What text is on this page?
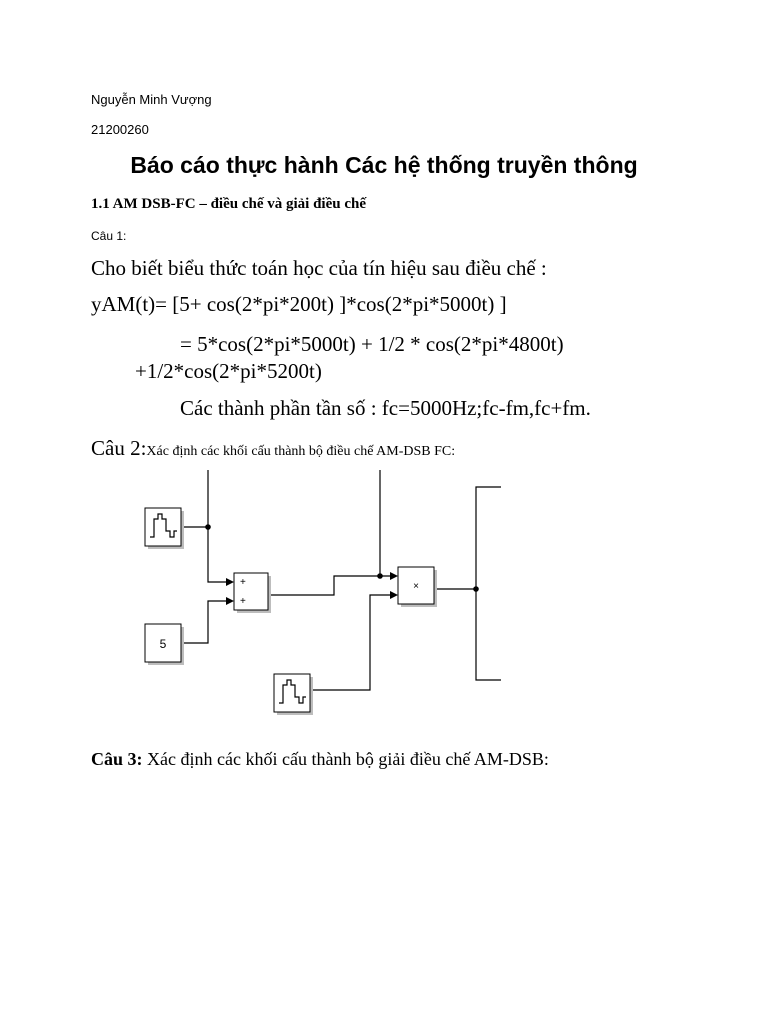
Nguyễn Minh Vượng
21200260
Báo cáo thực hành Các hệ thống truyền thông
1.1 AM DSB-FC – điều chế và giải điều chế
Câu 1:
Cho biết biểu thức toán học của tín hiệu sau điều chế :
yAM(t)= [5+ cos(2*pi*200t) ]*cos(2*pi*5000t) ]
= 5*cos(2*pi*5000t) + 1/2 * cos(2*pi*4800t)
+1/2*cos(2*pi*5200t)
Các thành phần tần số : fc=5000Hz;fc-fm,fc+fm.
Câu 2:Xác định các khối cấu thành bộ điều chế AM-DSB FC:
5
+
+
×
Câu 3: Xác định các khối cấu thành bộ giải điều chế AM-DSB:
